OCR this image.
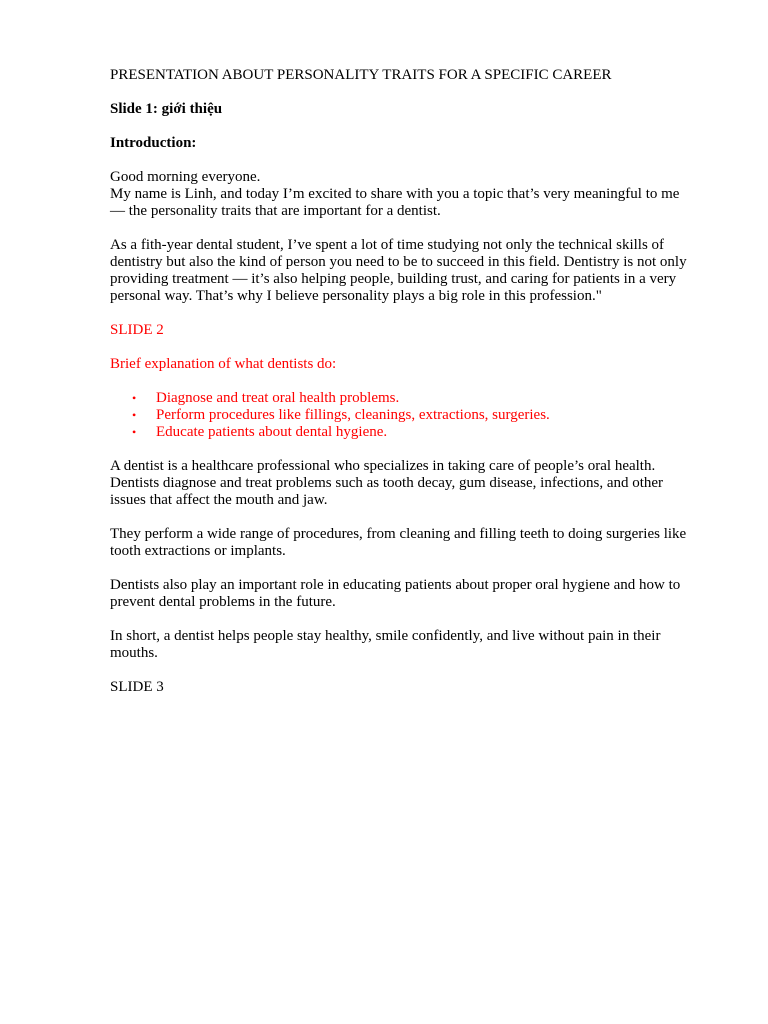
PRESENTATION ABOUT PERSONALITY TRAITS FOR A SPECIFIC CAREER

Slide 1: giới thiệu

Introduction:

Good morning everyone.

My name is Linh, and today I’m excited to share with you a topic that’s very meaningful to me — the personality traits that are important for a dentist.

As a fith-year dental student, I’ve spent a lot of time studying not only the technical skills of dentistry but also the kind of person you need to be to succeed in this field. Dentistry is not only providing treatment — it’s also helping people, building trust, and caring for patients in a very personal way. That’s why I believe personality plays a big role in this profession."

SLIDE 2

Brief explanation of what dentists do:

• Diagnose and treat oral health problems.
• Perform procedures like fillings, cleanings, extractions, surgeries.
• Educate patients about dental hygiene.

A dentist is a healthcare professional who specializes in taking care of people’s oral health. Dentists diagnose and treat problems such as tooth decay, gum disease, infections, and other issues that affect the mouth and jaw.

They perform a wide range of procedures, from cleaning and filling teeth to doing surgeries like tooth extractions or implants.

Dentists also play an important role in educating patients about proper oral hygiene and how to prevent dental problems in the future.

In short, a dentist helps people stay healthy, smile confidently, and live without pain in their mouths.

SLIDE 3
